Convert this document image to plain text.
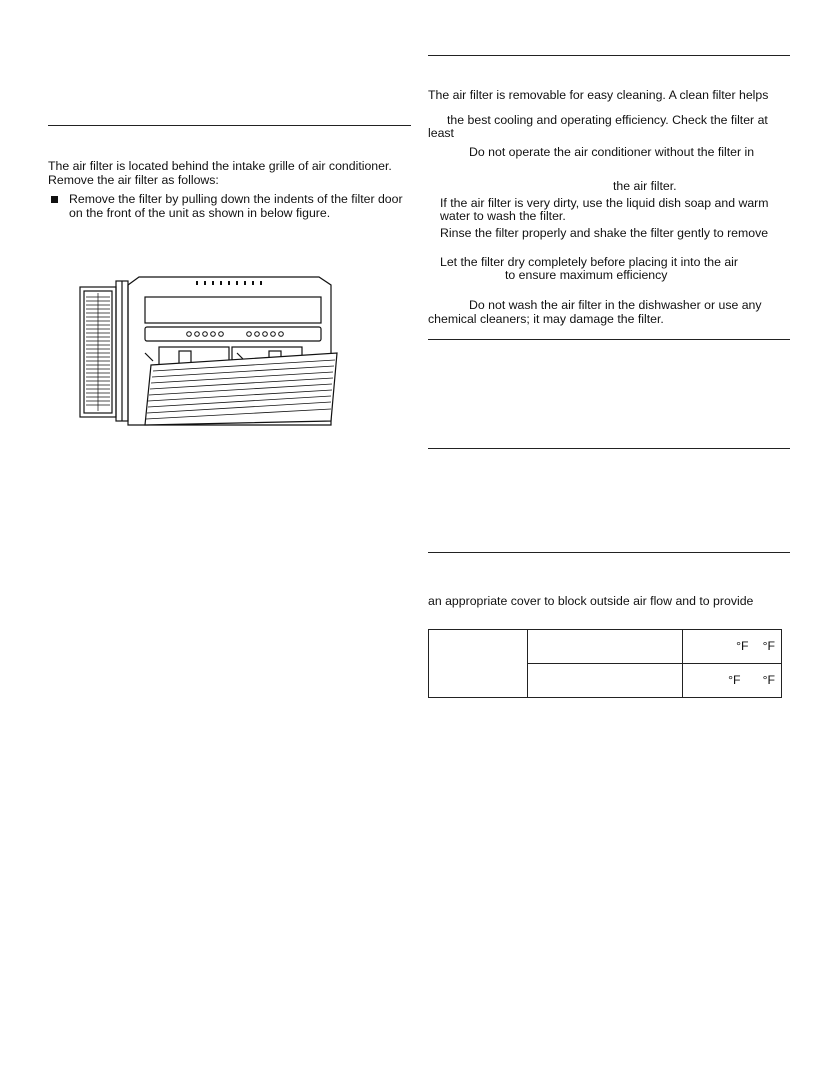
The air filter is located behind the intake grille of air conditioner.
Remove the air filter as follows:
Remove the filter by pulling down the indents of the filter door
on the front of the unit as shown in below figure.
The air filter is removable for easy cleaning. A clean filter helps
the best cooling and operating efficiency. Check the filter at
least
Do not operate the air conditioner without the filter in
the air filter.
If the air filter is very dirty, use the liquid dish soap and warm
water to wash the filter.
Rinse the filter properly and shake the filter gently to remove
Let the filter dry completely before placing it into the air
to ensure maximum efficiency
Do not wash the air filter in the dishwasher or use any
chemical cleaners; it may damage the filter.
an appropriate cover to block outside air flow and to provide
		°F °F
		°F °F
